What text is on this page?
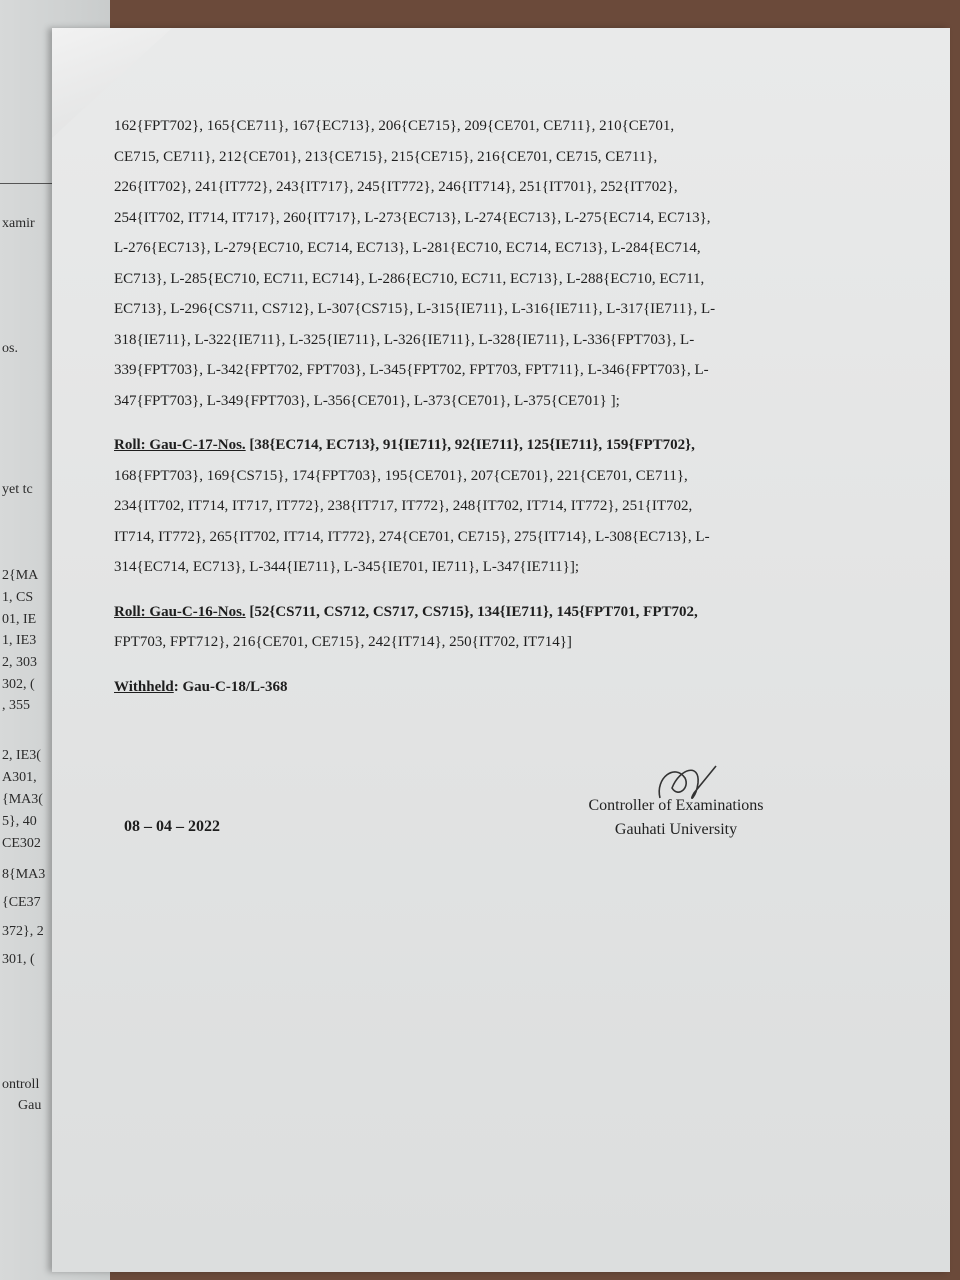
xamir
os.
yet tc
2{MA
1, CS
01, IE
1, IE3
2, 303
302, (
, 355
2, IE3(
A301,
{MA3(
5}, 40
CE302
8{MA3
{CE37
372}, 2
301, (
ontroll
Gau
162{FPT702}, 165{CE711}, 167{EC713}, 206{CE715}, 209{CE701, CE711}, 210{CE701,
CE715, CE711}, 212{CE701}, 213{CE715}, 215{CE715}, 216{CE701, CE715, CE711},
226{IT702}, 241{IT772}, 243{IT717}, 245{IT772}, 246{IT714}, 251{IT701}, 252{IT702},
254{IT702, IT714, IT717}, 260{IT717}, L-273{EC713}, L-274{EC713}, L-275{EC714, EC713},
L-276{EC713}, L-279{EC710, EC714, EC713}, L-281{EC710, EC714, EC713}, L-284{EC714,
EC713}, L-285{EC710, EC711, EC714}, L-286{EC710, EC711, EC713}, L-288{EC710, EC711,
EC713}, L-296{CS711, CS712}, L-307{CS715}, L-315{IE711}, L-316{IE711}, L-317{IE711}, L-
318{IE711}, L-322{IE711}, L-325{IE711}, L-326{IE711}, L-328{IE711}, L-336{FPT703}, L-
339{FPT703}, L-342{FPT702, FPT703}, L-345{FPT702, FPT703, FPT711}, L-346{FPT703}, L-
347{FPT703}, L-349{FPT703}, L-356{CE701}, L-373{CE701}, L-375{CE701} ];
Roll: Gau-C-17-Nos. [38{EC714, EC713}, 91{IE711}, 92{IE711}, 125{IE711}, 159{FPT702},
168{FPT703}, 169{CS715}, 174{FPT703}, 195{CE701}, 207{CE701}, 221{CE701, CE711},
234{IT702, IT714, IT717, IT772}, 238{IT717, IT772}, 248{IT702, IT714, IT772}, 251{IT702,
IT714, IT772}, 265{IT702, IT714, IT772}, 274{CE701, CE715}, 275{IT714}, L-308{EC713}, L-
314{EC714, EC713}, L-344{IE711}, L-345{IE701, IE711}, L-347{IE711}];
Roll: Gau-C-16-Nos. [52{CS711, CS712, CS717, CS715}, 134{IE711}, 145{FPT701, FPT702,
FPT703, FPT712}, 216{CE701, CE715}, 242{IT714}, 250{IT702, IT714}]
Withheld: Gau-C-18/L-368
08 – 04 – 2022
Controller of Examinations
Gauhati University
